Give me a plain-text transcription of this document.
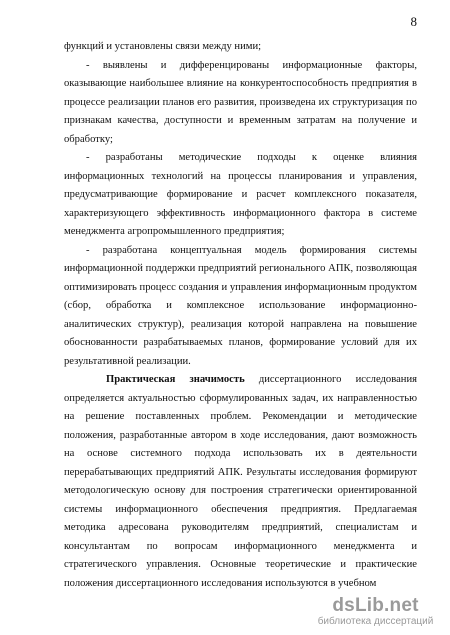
8

функций и установлены связи между ними;

- выявлены и дифференцированы информационные факторы, оказывающие наибольшее влияние на конкурентоспособность предприятия в процессе реализации планов его развития, произведена их структуризация по признакам качества, доступности и временным затратам на получение и обработку;

- разработаны методические подходы к оценке влияния информационных технологий на процессы планирования и управления, предусматривающие формирование и расчет комплексного показателя, характеризующего эффективность информационного фактора в системе менеджмента агропромышленного предприятия;

- разработана концептуальная модель формирования системы информационной поддержки предприятий регионального АПК, позволяющая оптимизировать процесс создания и управления информационным продуктом (сбор, обработка и комплексное использование информационно-аналитических структур), реализация которой направлена на повышение обоснованности разрабатываемых планов, формирование условий для их результативной реализации.

Практическая значимость диссертационного исследования определяется актуальностью сформулированных задач, их направленностью на решение поставленных проблем. Рекомендации и методические положения, разработанные автором в ходе исследования, дают возможность на основе системного подхода использовать их в деятельности перерабатывающих предприятий АПК. Результаты исследования формируют методологическую основу для построения стратегически ориентированной системы информационного обеспечения предприятия. Предлагаемая методика адресована руководителям предприятий, специалистам и консультантам по вопросам информационного менеджмента и стратегического управления. Основные теоретические и практические положения диссертационного исследования используются в учебном

dsLib.net
библиотека диссертаций
